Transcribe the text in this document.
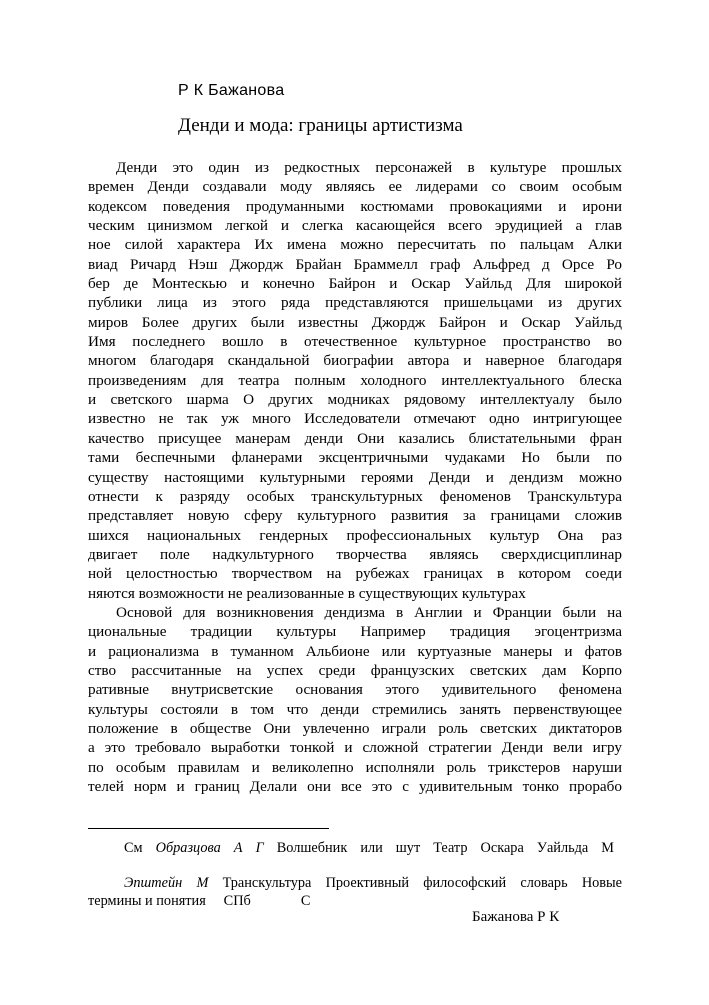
Р К Бажанова
Денди и мода: границы артистизма
Денди это один из редкостных персонажей в культуре прошлых
времен Денди создавали моду являясь ее лидерами со своим особым
кодексом поведения продуманными костюмами провокациями и ирони
ческим цинизмом легкой и слегка касающейся всего эрудицией а глав
ное силой характера Их имена можно пересчитать по пальцам Алки
виад Ричард Нэш Джордж Брайан Браммелл граф Альфред д Орсе Ро
бер де Монтескью и конечно Байрон и Оскар Уайльд Для широкой
публики лица из этого ряда представляются пришельцами из других
миров Более других были известны Джордж Байрон и Оскар Уайльд
Имя последнего вошло в отечественное культурное пространство во
многом благодаря скандальной биографии автора и наверное благодаря
произведениям для театра полным холодного интеллектуального блеска
и светского шарма О других модниках рядовому интеллектуалу было
известно не так уж много Исследователи отмечают одно интригующее
качество присущее манерам денди Они казались блистательными фран
тами беспечными фланерами эксцентричными чудаками Но были по
существу настоящими культурными героями Денди и дендизм можно
отнести к разряду особых транскультурных феноменов Транскультура
представляет новую сферу культурного развития за границами сложив
шихся национальных гендерных профессиональных культур Она раз
двигает поле надкультурного творчества являясь сверхдисциплинар
ной целостностью творчеством на рубежах границах в котором соеди
няются возможности не реализованные в существующих культурах
Основой для возникновения дендизма в Англии и Франции были на
циональные традиции культуры Например традиция эгоцентризма
и рационализма в туманном Альбионе или куртуазные манеры и фатов
ство рассчитанные на успех среди французских светских дам Корпо
ративные внутрисветские основания этого удивительного феномена
культуры состояли в том что денди стремились занять первенствующее
положение в обществе Они увлеченно играли роль светских диктаторов
а это требовало выработки тонкой и сложной стратегии Денди вели игру
по особым правилам и великолепно исполняли роль трикстеров наруши
телей норм и границ Делали они все это с удивительным тонко прорабо
См Образцова А Г Волшебник или шут Театр Оскара Уайльда М
Эпштейн М Транскультура Проективный философский словарь Новые
термины и понятия     СПб              С
Бажанова Р К
